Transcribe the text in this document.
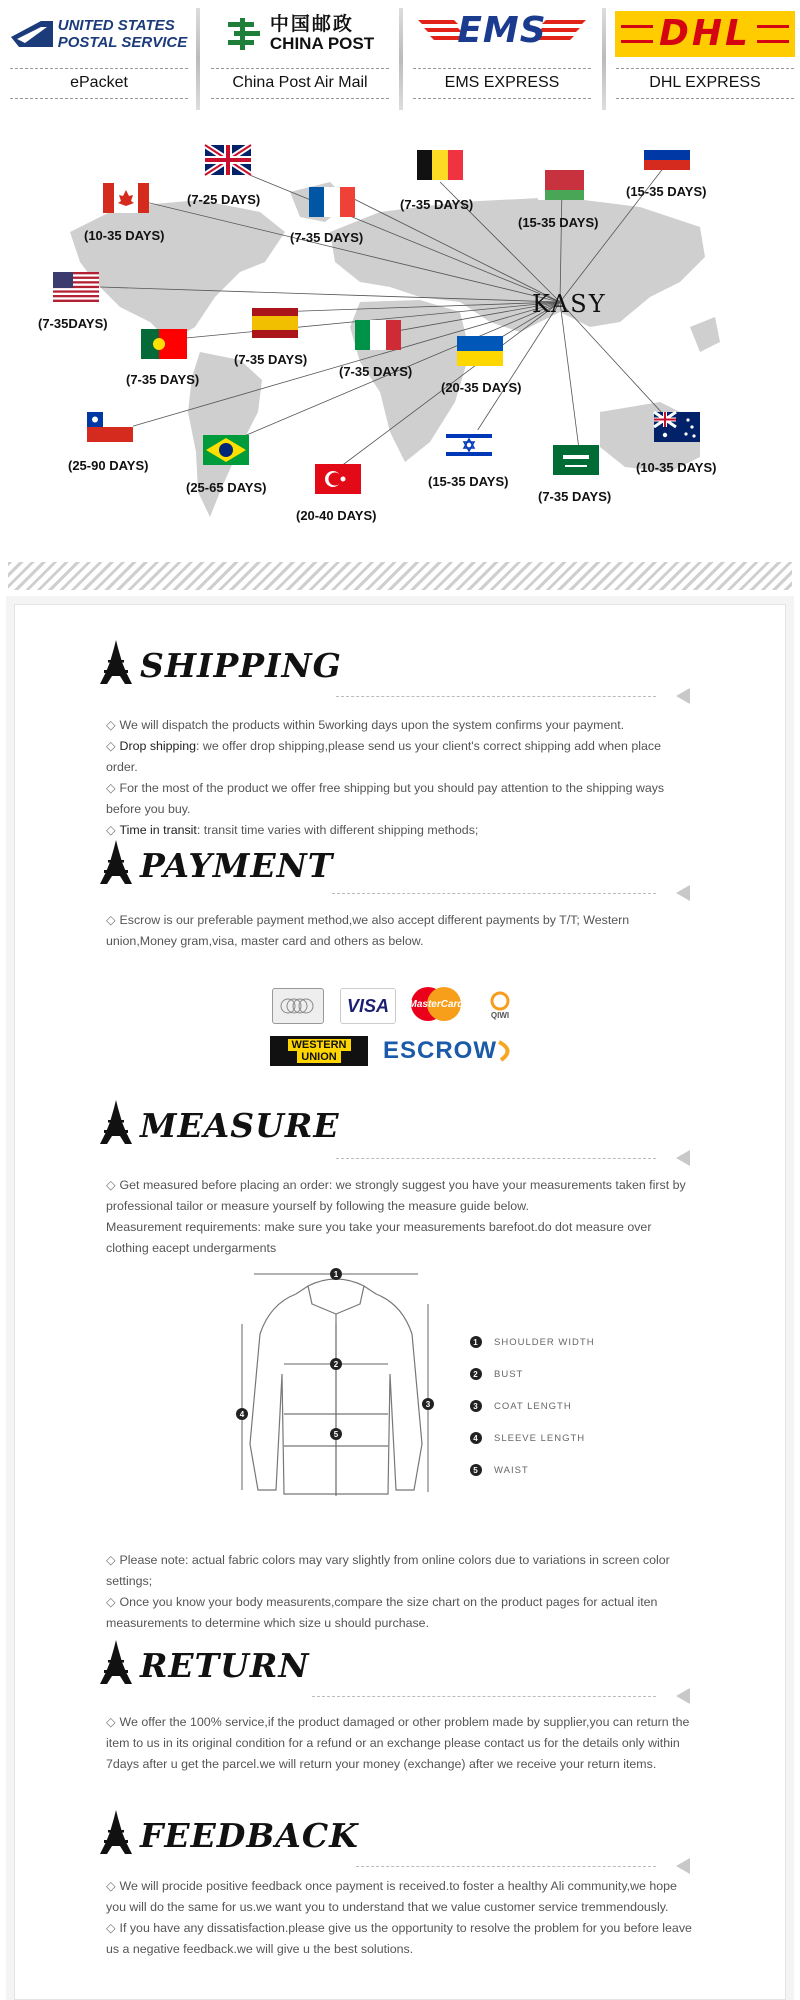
UNITED STATES
POSTAL SERVICE
ePacket
中国邮政
CHINA POST
China Post Air Mail
EMS
EMS EXPRESS
DHL
DHL EXPRESS
KASY
(7-25 DAYS)
(10-35 DAYS)	(7-35 DAYS)
(7-35 DAYS)
(15-35 DAYS)
(15-35 DAYS)
(7-35DAYS)
(7-35 DAYS)
(7-35 DAYS)
(7-35 DAYS)
(20-35 DAYS)
(25-90 DAYS)
(25-65 DAYS)
(20-40 DAYS)
(15-35 DAYS)
(7-35 DAYS)
(10-35 DAYS)
SHIPPING

◇ We will dispatch the products within 5working days upon the system confirms your payment.

◇ Drop shipping: we offer drop shipping,please send us your client's correct shipping add when place order.

◇ For the most of the product we offer free shipping but you should pay attention to the shipping ways before you buy.

◇ Time in transit: transit time varies with different shipping methods;

PAYMENT

◇ Escrow is our preferable payment method,we also accept different payments by T/T; Western union,Money gram,visa, master card and others as below.

VISA MasterCard
QIWI
WESTERN
UNION ESCROW
MEASURE

◇ Get measured before placing an order: we strongly suggest you have your measurements taken first by professional tailor or measure yourself by following the measure guide below.

Measurement requirements: make sure you take your measurements barefoot.do dot measure over clothing eacept undergarments

1
2
3
4
5
1	SHOULDER WIDTH
2	BUST
3	COAT LENGTH
4	SLEEVE LENGTH
5	WAIST

◇ Please note: actual fabric colors may vary slightly from online colors due to variations in screen color settings;

◇ Once you know your body measurents,compare the size chart on the product pages for actual iten measurements to determine which size u should purchase.

RETURN

◇ We offer the 100% service,if the product damaged or other problem made by supplier,you can return the item to us in its original condition for a refund or an exchange please contact us for the details only within 7days after u get the parcel.we will return your money (exchange) after we receive your return items.

FEEDBACK

◇ We will procide positive feedback once payment is received.to foster a healthy Ali community,we hope you will do the same for us.we want you to understand that we value customer service tremmendously.

◇ If you have any dissatisfaction.please give us the opportunity to resolve the problem for you before leave us a negative feedback.we will give u the best solutions.
